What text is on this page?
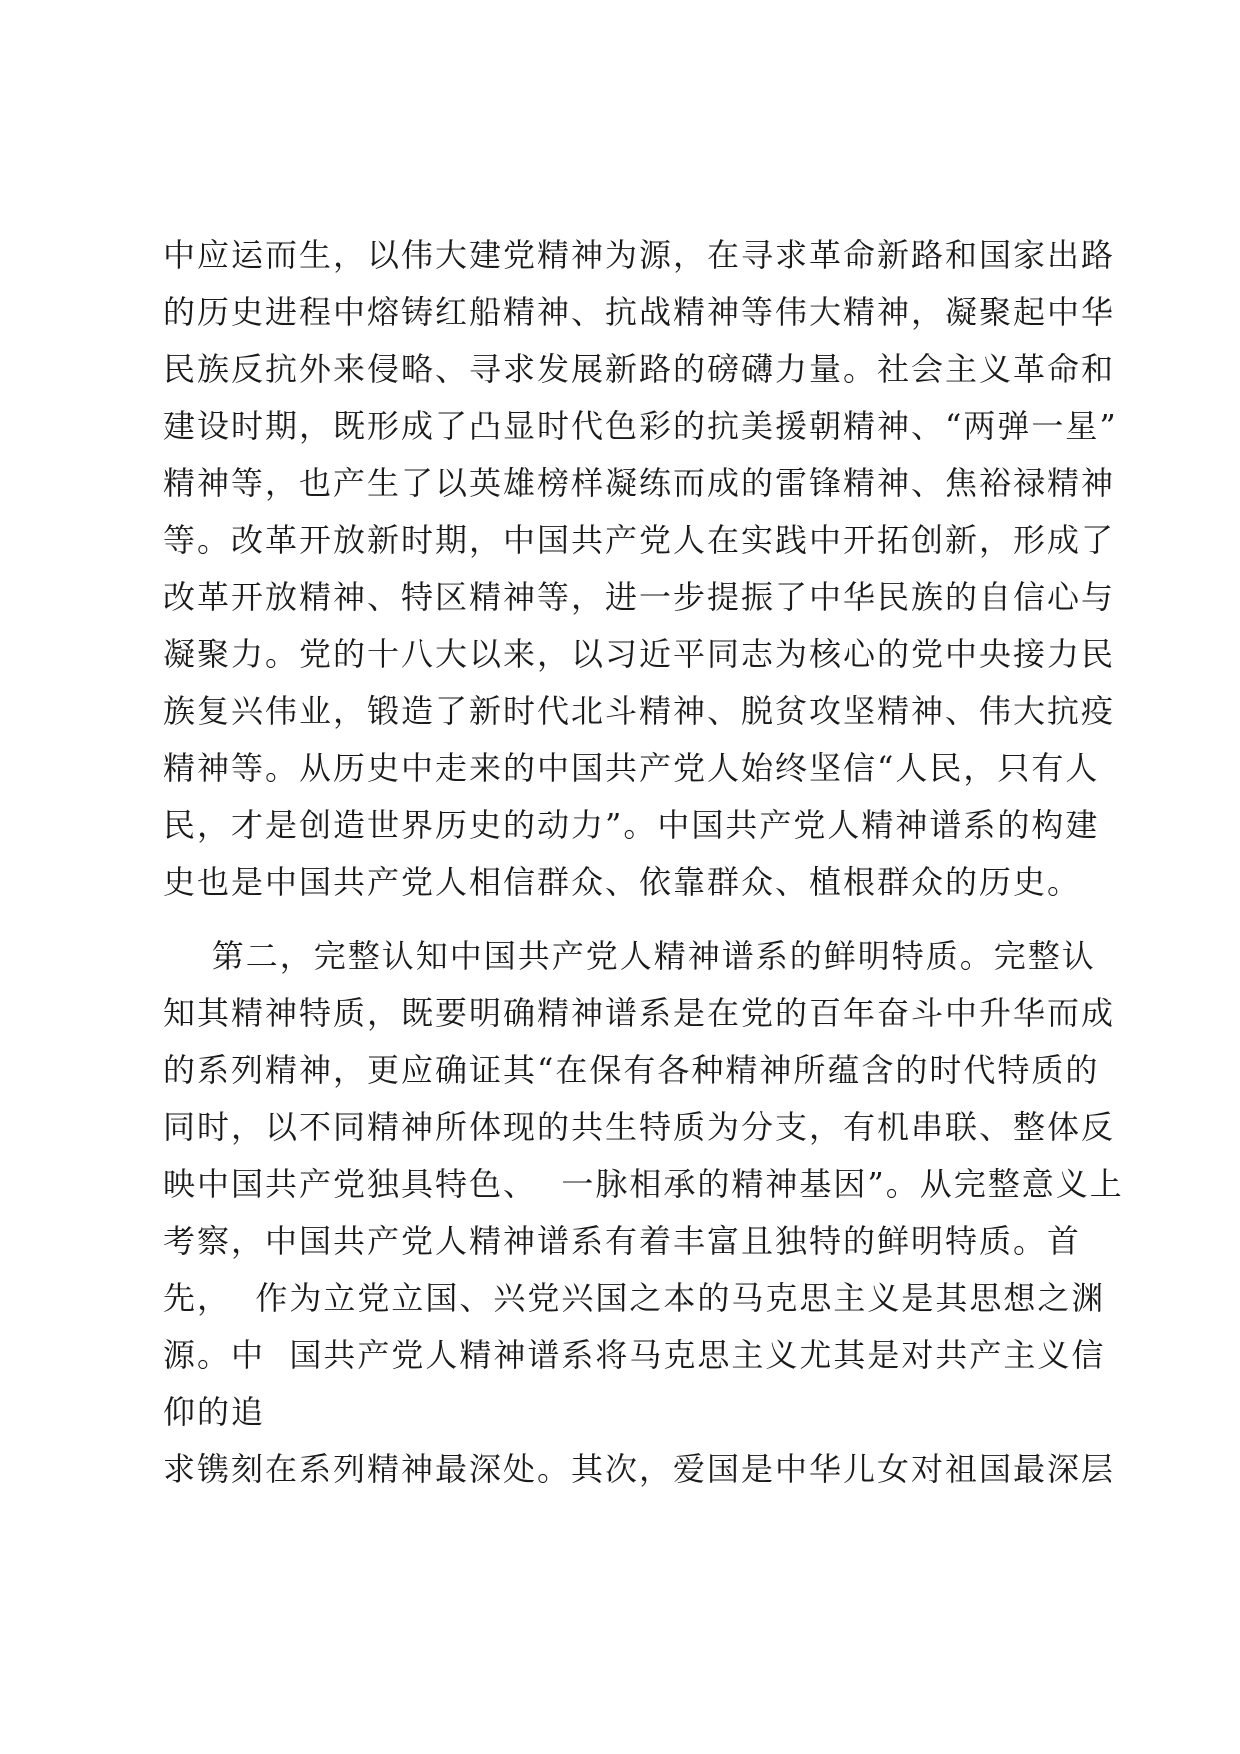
中应运而生，以伟大建党精神为源，在寻求革命新路和国家出路

的历史进程中熔铸红船精神、抗战精神等伟大精神，凝聚起中华

民族反抗外来侵略、寻求发展新路的磅礴力量。社会主义革命和

建设时期，既形成了凸显时代色彩的抗美援朝精神、“两弹一星”

精神等，也产生了以英雄榜样凝练而成的雷锋精神、焦裕禄精神

等。改革开放新时期，中国共产党人在实践中开拓创新，形成了

改革开放精神、特区精神等，进一步提振了中华民族的自信心与

凝聚力。党的十八大以来，以习近平同志为核心的党中央接力民

族复兴伟业，锻造了新时代北斗精神、脱贫攻坚精神、伟大抗疫

精神等。从历史中走来的中国共产党人始终坚信“人民，只有人

民，才是创造世界历史的动力”。中国共产党人精神谱系的构建

史也是中国共产党人相信群众、依靠群众、植根群众的历史。

第二，完整认知中国共产党人精神谱系的鲜明特质。完整认

知其精神特质，既要明确精神谱系是在党的百年奋斗中升华而成

的系列精神，更应确证其“在保有各种精神所蕴含的时代特质的

同时，以不同精神所体现的共生特质为分支，有机串联、整体反

映中国共产党独具特色、  一脉相承的精神基因”。从完整意义上

考察，中国共产党人精神谱系有着丰富且独特的鲜明特质。首

先，  作为立党立国、兴党兴国之本的马克思主义是其思想之渊

源。中  国共产党人精神谱系将马克思主义尤其是对共产主义信

仰的追

求镌刻在系列精神最深处。其次，爱国是中华儿女对祖国最深层
